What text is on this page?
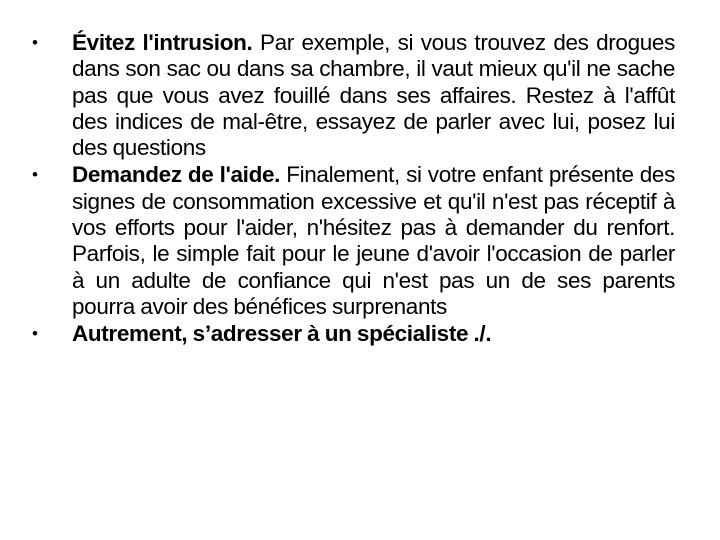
• Évitez l'intrusion. Par exemple, si vous trouvez des drogues dans son sac ou dans sa chambre, il vaut mieux qu'il ne sache pas que vous avez fouillé dans ses affaires. Restez à l'affût des indices de mal-être, essayez de parler avec lui, posez lui des questions
• Demandez de l'aide. Finalement, si votre enfant présente des signes de consommation excessive et qu'il n'est pas réceptif à vos efforts pour l'aider, n'hésitez pas à demander du renfort. Parfois, le simple fait pour le jeune d'avoir l'occasion de parler à un adulte de confiance qui n'est pas un de ses parents pourra avoir des bénéfices surprenants
• Autrement, s’adresser à un spécialiste ./.
